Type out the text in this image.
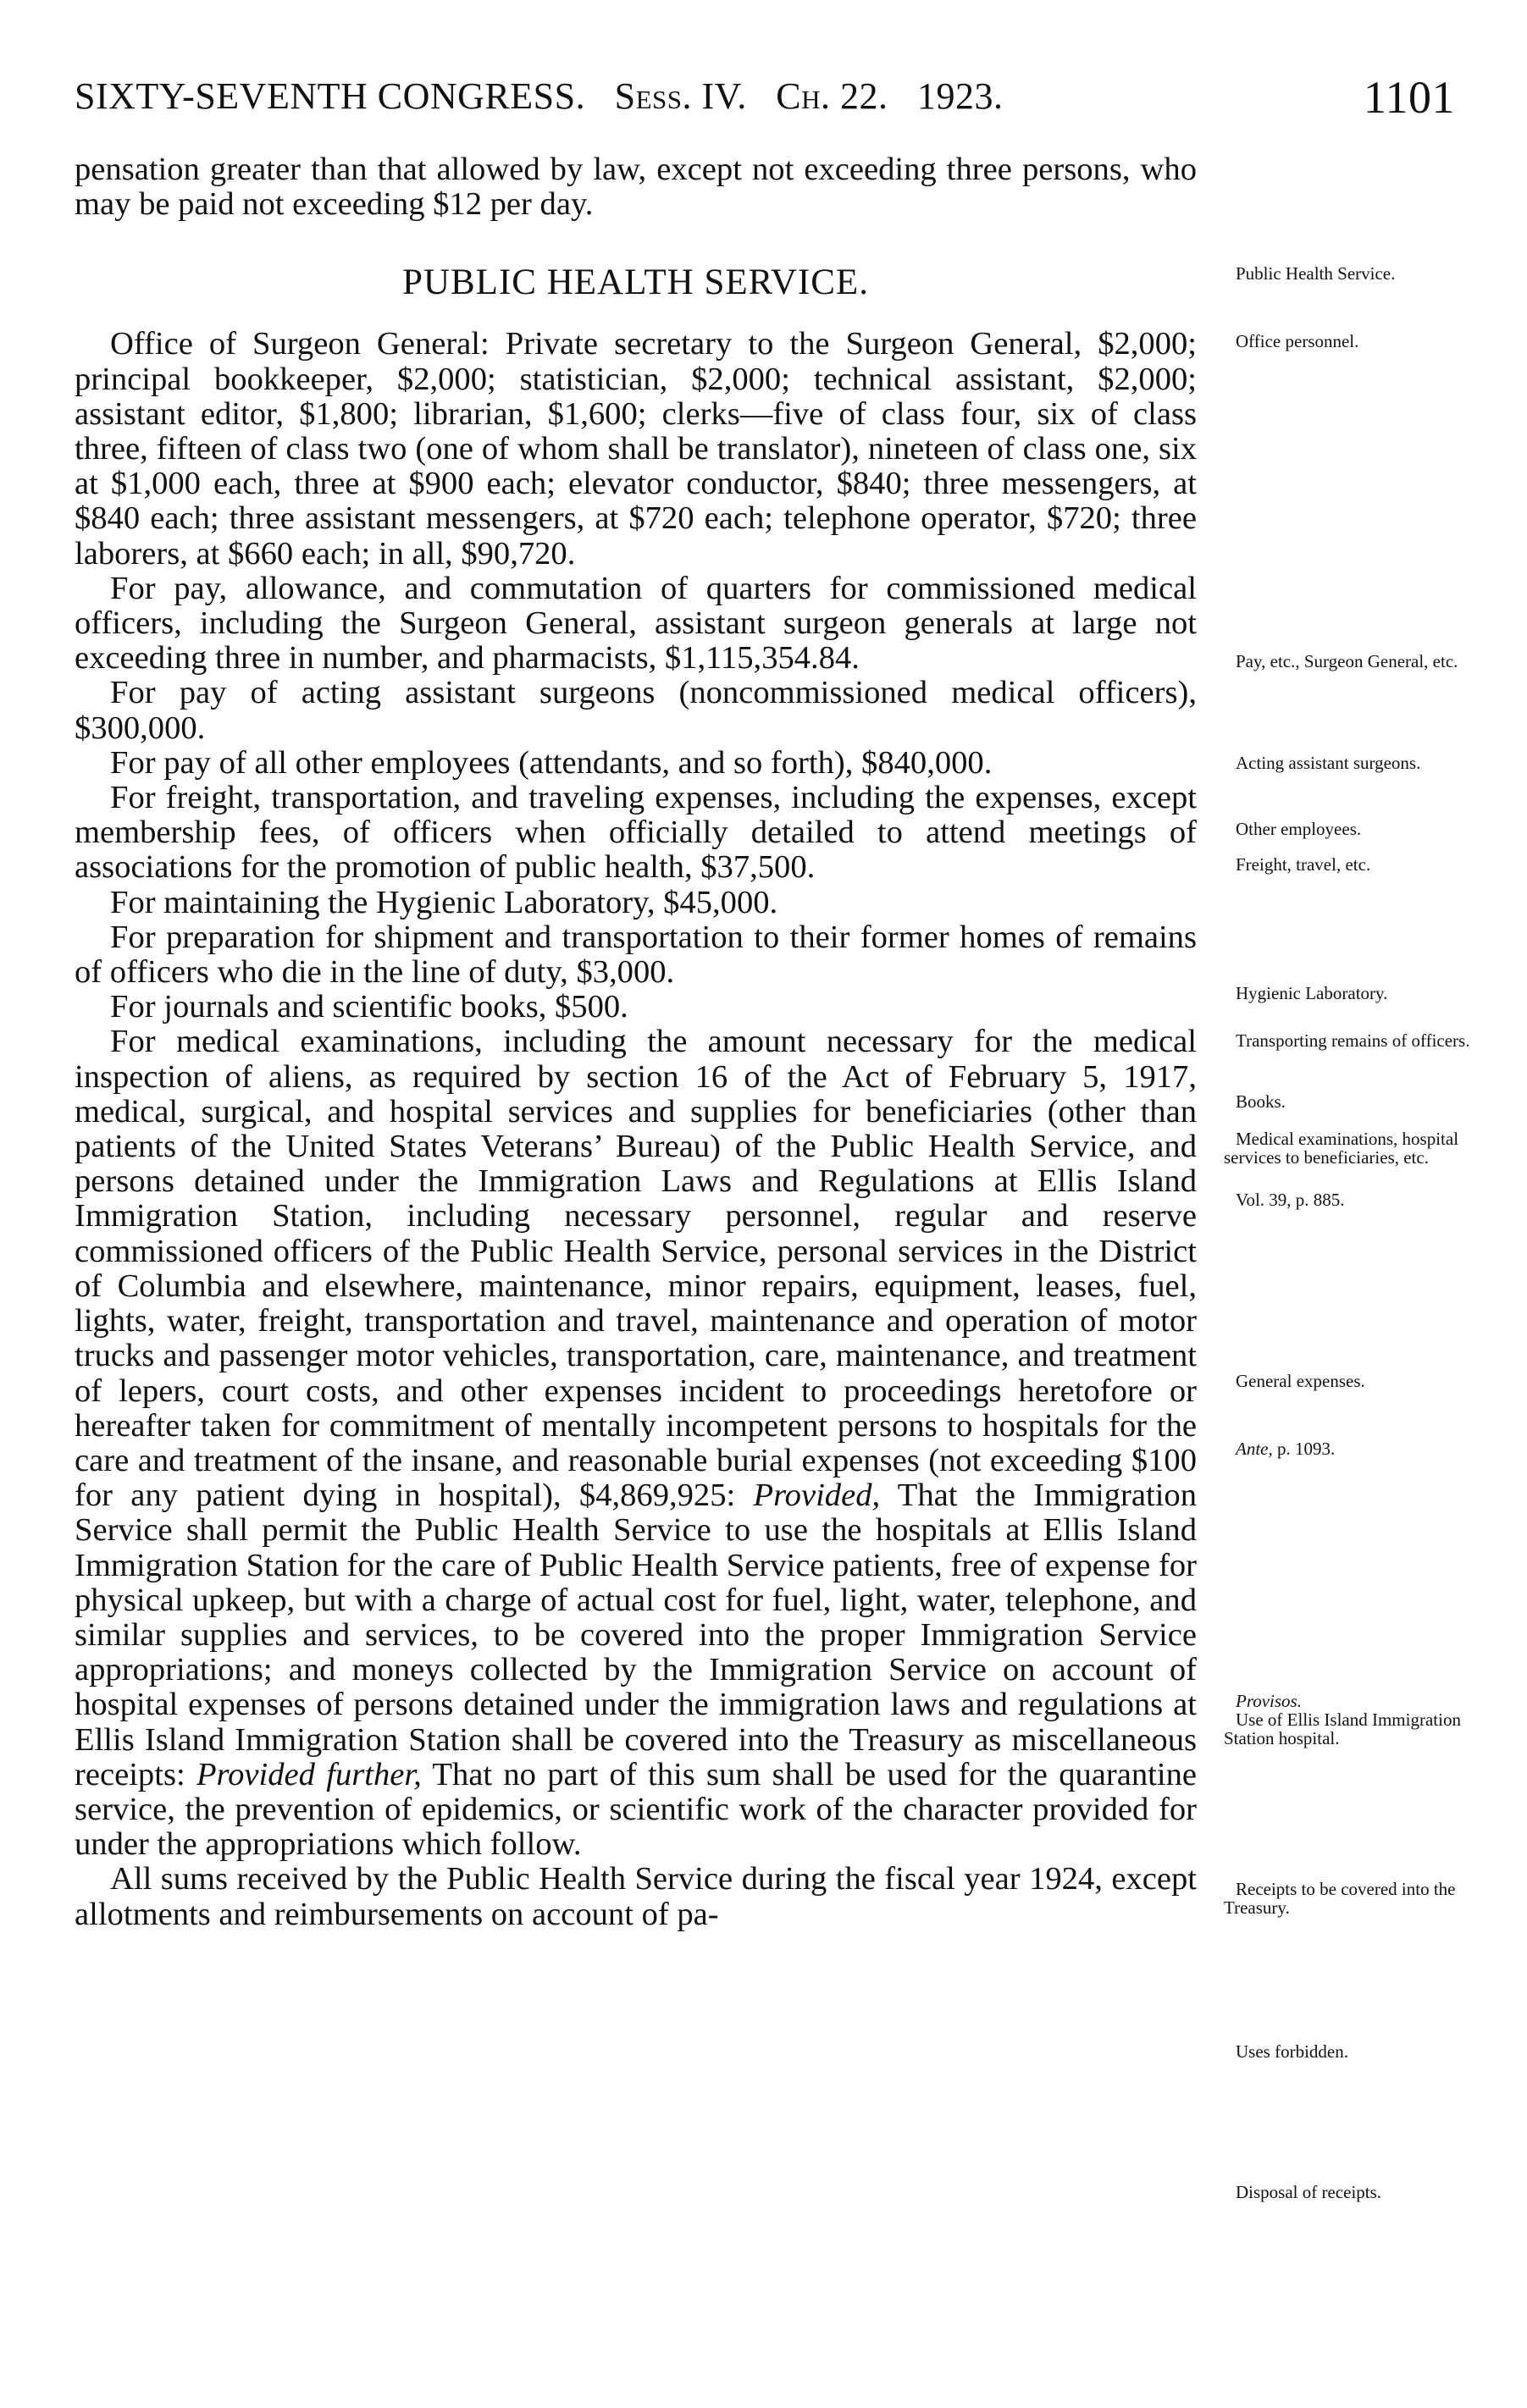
SIXTY-SEVENTH CONGRESS. Sess. IV. Ch. 22. 1923.	1101

pensation greater than that allowed by law, except not exceeding three persons, who may be paid not exceeding $12 per day.

PUBLIC HEALTH SERVICE.

Office of Surgeon General: Private secretary to the Surgeon General, $2,000; principal bookkeeper, $2,000; statistician, $2,000; technical assistant, $2,000; assistant editor, $1,800; librarian, $1,600; clerks—five of class four, six of class three, fifteen of class two (one of whom shall be translator), nineteen of class one, six at $1,000 each, three at $900 each; elevator conductor, $840; three messengers, at $840 each; three assistant messengers, at $720 each; telephone operator, $720; three laborers, at $660 each; in all, $90,720.

For pay, allowance, and commutation of quarters for commissioned medical officers, including the Surgeon General, assistant surgeon generals at large not exceeding three in number, and pharmacists, $1,115,354.84.

For pay of acting assistant surgeons (noncommissioned medical officers), $300,000.

For pay of all other employees (attendants, and so forth), $840,000.

For freight, transportation, and traveling expenses, including the expenses, except membership fees, of officers when officially detailed to attend meetings of associations for the promotion of public health, $37,500.

For maintaining the Hygienic Laboratory, $45,000.

For preparation for shipment and transportation to their former homes of remains of officers who die in the line of duty, $3,000.

For journals and scientific books, $500.

For medical examinations, including the amount necessary for the medical inspection of aliens, as required by section 16 of the Act of February 5, 1917, medical, surgical, and hospital services and supplies for beneficiaries (other than patients of the United States Veterans’ Bureau) of the Public Health Service, and persons detained under the Immigration Laws and Regulations at Ellis Island Immigration Station, including necessary personnel, regular and reserve commissioned officers of the Public Health Service, personal services in the District of Columbia and elsewhere, maintenance, minor repairs, equipment, leases, fuel, lights, water, freight, transportation and travel, maintenance and operation of motor trucks and passenger motor vehicles, transportation, care, maintenance, and treatment of lepers, court costs, and other expenses incident to proceedings heretofore or hereafter taken for commitment of mentally incompetent persons to hospitals for the care and treatment of the insane, and reasonable burial expenses (not exceeding $100 for any patient dying in hospital), $4,869,925: Provided, That the Immigration Service shall permit the Public Health Service to use the hospitals at Ellis Island Immigration Station for the care of Public Health Service patients, free of expense for physical upkeep, but with a charge of actual cost for fuel, light, water, telephone, and similar supplies and services, to be covered into the proper Immigration Service appropriations; and moneys collected by the Immigration Service on account of hospital expenses of persons detained under the immigration laws and regulations at Ellis Island Immigration Station shall be covered into the Treasury as miscellaneous receipts: Provided further, That no part of this sum shall be used for the quarantine service, the prevention of epidemics, or scientific work of the character provided for under the appropriations which follow.

All sums received by the Public Health Service during the fiscal year 1924, except allotments and reimbursements on account of pa-

Public Health Service.
Office personnel.
Pay, etc., Surgeon General, etc.
Acting assistant surgeons.
Other employees.
Freight, travel, etc.
Hygienic Laboratory.
Transporting remains of officers.
Books.
Medical examinations, hospital services to beneficiaries, etc.
Vol. 39, p. 885.
General expenses.
Ante, p. 1093.
Provisos.
Use of Ellis Island Immigration Station hospital.
Receipts to be covered into the Treasury.
Uses forbidden.
Disposal of receipts.
